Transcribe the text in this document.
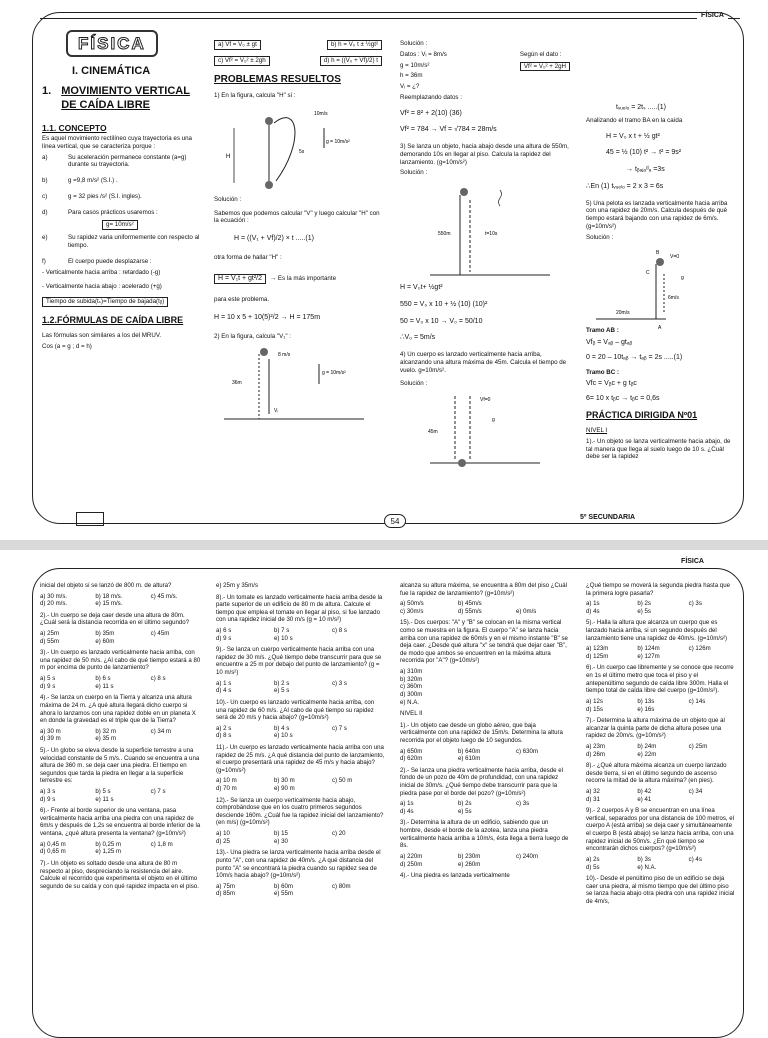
FÍSICA
FÍSICA
I. CINEMÁTICA
1. MOVIMIENTO VERTICAL DE CAÍDA LIBRE
1.1. CONCEPTO

Es aquel movimiento rectilíneo cuya trayectoria es una línea vertical, que se caracteriza porque :

a)	Su aceleración permanece constante (a=g) durante su trayectoria.
b)	g =9,8 m/s² (S.I.) .
c)	g = 32 pies /s² (S.I. ingles).
d)	Para casos prácticos usaremos :
g= 10m/s²
e)	Su rapidez varia uniformemente con respecto al tiempo.
f)	El cuerpo puede desplazarse :

- Verticalmente hacia arriba : retardado (-g)

- Verticalmente hacia abajo : acelerado (+g)

Tiempo de subida(tₛ)=Tiempo de bajada(tᵦ)
1.2.FÓRMULAS DE CAÍDA LIBRE

Las fórmulas son similares a los del MRUV.

Cos (a = g ; d = h)

a) Vf = V₀ ± gt	b) h = V₀ t ± ½gt²
c) Vf² = V₀² ± 2gh	d) h = ((V₀ + Vf)/2) t
PROBLEMAS RESUELTOS

1) En la figura, calcula "H" si :

10m/s
g = 10m/s²
5s
H

Solución :

Sabemos que podemos calcular "V" y luego calcular "H" con la ecuación :

H = ((V₁ + Vf)/2) × t .....(1)

otra forma de hallar "H" :

H = V₁t + gt²/2	→ Es la más importante

para este problema.

H = 10 x 5 + 10(5)²/2 → H = 175m

2) En la figura, calcula "V₁" :

8 m/s
g = 10m/s²
36m
Vᵢ

Solución :

Datos : Vᵢ = 8m/s

g = 10m/s²

h = 36m

Vᵢ = ¿?

Según el dato :

Vf² = V₀² + 2gH

Reemplazando datos :

Vf² = 8² + 2(10) (36)

Vf² = 784 → Vf = √784 = 28m/s

3) Se lanza un objeto, hacia abajo desde una altura de 550m, demorando 10s en llegar al piso. Calcula la rapidez del lanzamiento. (g=10m/s²)

Solución :

550m	t=10s

H = V₀t+ ½gt²

550 = V₀ x 10 + ½ (10) (10)²

50 = V₀ x 10 → V₀ = 50/10

∴V₀ = 5m/s

4) Un cuerpo es lanzado verticalmente hacia arriba, alcanzando una altura máxima de 45m. Calcula el tiempo de vuelo. g=10m/s².

Solución :

45m
Vf=0
g

tᵥᵤₑₗₒ = 2tₛ .....(1)

Analizando el tramo BA en la caída

H = V₀ x t + ½ gt²

45 = ½ (10) t² → t² = 9s²

→ tᵦₐⱼₐᵈₐ =3s

∴En (1) tᵥᵤₑₗₒ = 2 x 3 = 6s

5) Una pelota es lanzada verticalmente hacia arriba con una rapidez de 20m/s. Calcula después de qué tiempo estará bajando con una rapidez de 6m/s. (g=10m/s²)

Solución :

B
V=0
C
A
20m/s
6m/s
g

Tramo AB :

Vfᵦ = Vₐᵦ – gtₐᵦ

0 = 20 – 10tₐᵦ → tₐᵦ = 2s .....(1)

Tramo BC :

Vfc = Vᵦc + g tᵦc

6= 10 x tᵦc → tᵦc = 0,6s

PRÁCTICA DIRIGIDA Nº01

NIVEL I

1).- Un objeto se lanza verticalmente hacia abajo, de tal manera que llega al suelo luego de 10 s. ¿Cuál debe ser la rapidez

54	5º SECUNDARIA
FÍSICA

inicial del objeto si se lanzó de 800 m. de altura?

a) 30 m/s.	b) 18 m/s.	c) 45 m/s.
d) 20 m/s.	e) 15 m/s.

2).- Un cuerpo se deja caer desde una altura de 80m. ¿Cuál será la distancia recorrida en el último segundo?

a) 25m	b) 35m	c) 45m
d) 55m	e) 60m

3).- Un cuerpo es lanzado verticalmente hacia arriba, con una rapidez de 50 m/s. ¿Al cabo de qué tiempo estará a 80 m por encima de punto de lanzamiento?

a) 5 s	b) 6 s	c) 8 s
d) 9 s	e) 11 s

4).- Se lanza un cuerpo en la Tierra y alcanza una altura máxima de 24 m. ¿A qué altura llegará dicho cuerpo si ahora lo lanzamos con una rapidez doble en un planeta X en donde la gravedad es el triple que de la Tierra?

a) 30 m	b) 32 m	c) 34 m
d) 39 m	e) 35 m

5).- Un globo se eleva desde la superficie terrestre a una velocidad constante de 5 m/s.. Cuando se encuentra a una altura de 360 m. se deja caer una piedra. El tiempo en segundos que tarda la piedra en llegar a la superficie terrestre es:

a) 3 s	b) 5 s	c) 7 s
d) 9 s	e) 11 s

6).- Frente al borde superior de una ventana, pasa verticalmente hacia arriba una piedra con una rapidez de 6m/s y después de 1,2s se encuentra al borde inferior de la ventana, ¿qué altura presenta la ventana? (g=10m/s²)

a) 0,45 m	b) 0,25 m	c) 1,8 m
d) 0,65 m	e) 1,25 m

7).- Un objeto es soltado desde una altura de 80 m respecto al piso, despreciando la resistencia del aire. Calcule el recorrido que experimenta el objeto en el último segundo de su caída y con qué rapidez impacta en el piso.

e) 25m y 35m/s

8).- Un tomate es lanzado verticalmente hacia arriba desde la parte superior de un edificio de 80 m de altura. Calcule el tiempo que emplea el tomate en llegar al piso, si fue lanzado con una rapidez inicial de 30 m/s (g = 10 m/s²)

a) 6 s	b) 7 s	c) 8 s
d) 9 s	e) 10 s

9).- Se lanza un cuerpo verticalmente hacia arriba con una rapidez de 30 m/s. ¿Qué tiempo debe transcurrir para que se encuentre a 25 m por debajo del punto de lanzamiento? (g = 10 m/s²)

a) 1 s	b) 2 s	c) 3 s
d) 4 s	e) 5 s

10).- Un cuerpo es lanzado verticalmente hacia arriba, con una rapidez de 60 m/s. ¿Al cabo de qué tiempo su rapidez será de 20 m/s y hacia abajo? (g=10m/s²)

a) 2 s	b) 4 s	c) 7 s
d) 8 s	e) 10 s

11).- Un cuerpo es lanzado verticalmente hacia arriba con una rapidez de 25 m/s. ¿A qué distancia del punto de lanzamiento, el cuerpo presentará una rapidez de 45 m/s y hacia abajo? (g=10m/s²)

a) 10 m	b) 30 m	c) 50 m
d) 70 m	e) 90 m

12).- Se lanza un cuerpo verticalmente hacia abajo, comprobándose que en los cuatro primeros segundos desciende 160m. ¿Cuál fue la rapidez inicial del lanzamiento? (en m/s) (g=10m/s²)

a) 10	b) 15	c) 20
d) 25	e) 30

13).- Una piedra se lanza verticalmente hacia arriba desde el punto "A", con una rapidez de 40m/s. ¿A qué distancia del punto "A" se encontrará la piedra cuando su rapidez sea de 10m/s hacia abajo? (g=10m/s²)

a) 75m	b) 60m	c) 80m
d) 85m	e) 55m

alcanza su altura máxima, se encuentra a 80m del piso ¿Cuál fue la rapidez de lanzamiento? (g=10m/s²)

a) 50m/s	b) 45m/s
c) 30m/s	d) 55m/s	e) 0m/s

15).- Dos cuerpos: "A" y "B" se colocan en la misma vertical como se muestra en la figura. El cuerpo "A" se lanza hacia arriba con una rapidez de 60m/s y en el mismo instante "B" se deja caer. ¿Desde qué altura "x" se tendrá que dejar caer "B", de modo que ambos se encuentren en la máxima altura recorrida por "A"? (g=10m/s²)

a) 310m
b) 320m
c) 360m
d) 300m
e) N.A.

NIVEL II

1).- Un objeto cae desde un globo aéreo, que baja verticalmente con una rapidez de 15m/s. Determina la altura recorrida por el objeto luego de 10 segundos.

a) 650m	b) 640m	c) 630m
d) 620m	e) 610m

2).- Se lanza una piedra verticalmente hacia arriba, desde el fondo de un pozo de 40m de profundidad, con una rapidez inicial de 30m/s. ¿Qué tiempo debe transcurrir para que la piedra pase por el borde del pozo? (g=10m/s²)

a) 1s	b) 2s	c) 3s
d) 4s	e) 5s

3).- Determina la altura de un edificio, sabiendo que un hombre, desde el borde de la azotea, lanza una piedra verticalmente hacia arriba a 10m/s, ésta llega a tierra luego de 8s.

a) 220m	b) 230m	c) 240m
d) 250m	e) 260m

4).- Una piedra es lanzada verticalmente

¿Qué tiempo se moverá la segunda piedra hasta que la primera logre pasarla?

a) 1s	b) 2s	c) 3s
d) 4s	e) 5s

5).- Halla la altura que alcanza un cuerpo que es lanzado hacia arriba, si un segundo después del lanzamiento tiene una rapidez de 40m/s. (g=10m/s²)

a) 123m	b) 124m	c) 126m
d) 125m	e) 127m

6).- Un cuerpo cae libremente y se conoce que recorre en 1s el último metro que toca el piso y el antepenúltimo segundo de caída libre 300m. Halla el tiempo total de caída libre del cuerpo (g=10m/s²).

a) 12s	b) 13s	c) 14s
d) 15s	e) 16s

7).- Determina la altura máxima de un objeto que al alcanzar la quinta parte de dicha altura posee una rapidez de 20m/s. (g=10m/s²)

a) 23m	b) 24m	c) 25m
d) 26m	e) 22m

8).- ¿Qué altura máxima alcanza un cuerpo lanzado desde tierra, si en el último segundo de ascenso recorre la mitad de la altura máxima? (en pies).

a) 32	b) 42	c) 34
d) 31	e) 41

9).- 2 cuerpos A y B se encuentran en una línea vertical, separados por una distancia de 100 metros, el cuerpo A (está arriba) se deja caer y simultáneamente el cuerpo B (está abajo) se lanza hacia arriba, con una rapidez inicial de 50m/s. ¿En qué tiempo se encontrarán dichos cuerpos? (g=10m/s²)

a) 2s	b) 3s	c) 4s
d) 5s	e) N.A.

10).- Desde el penúltimo piso de un edificio se deja caer una piedra, al mismo tiempo que del último piso se lanza hacia abajo otra piedra con una rapidez inicial de 4m/s,
